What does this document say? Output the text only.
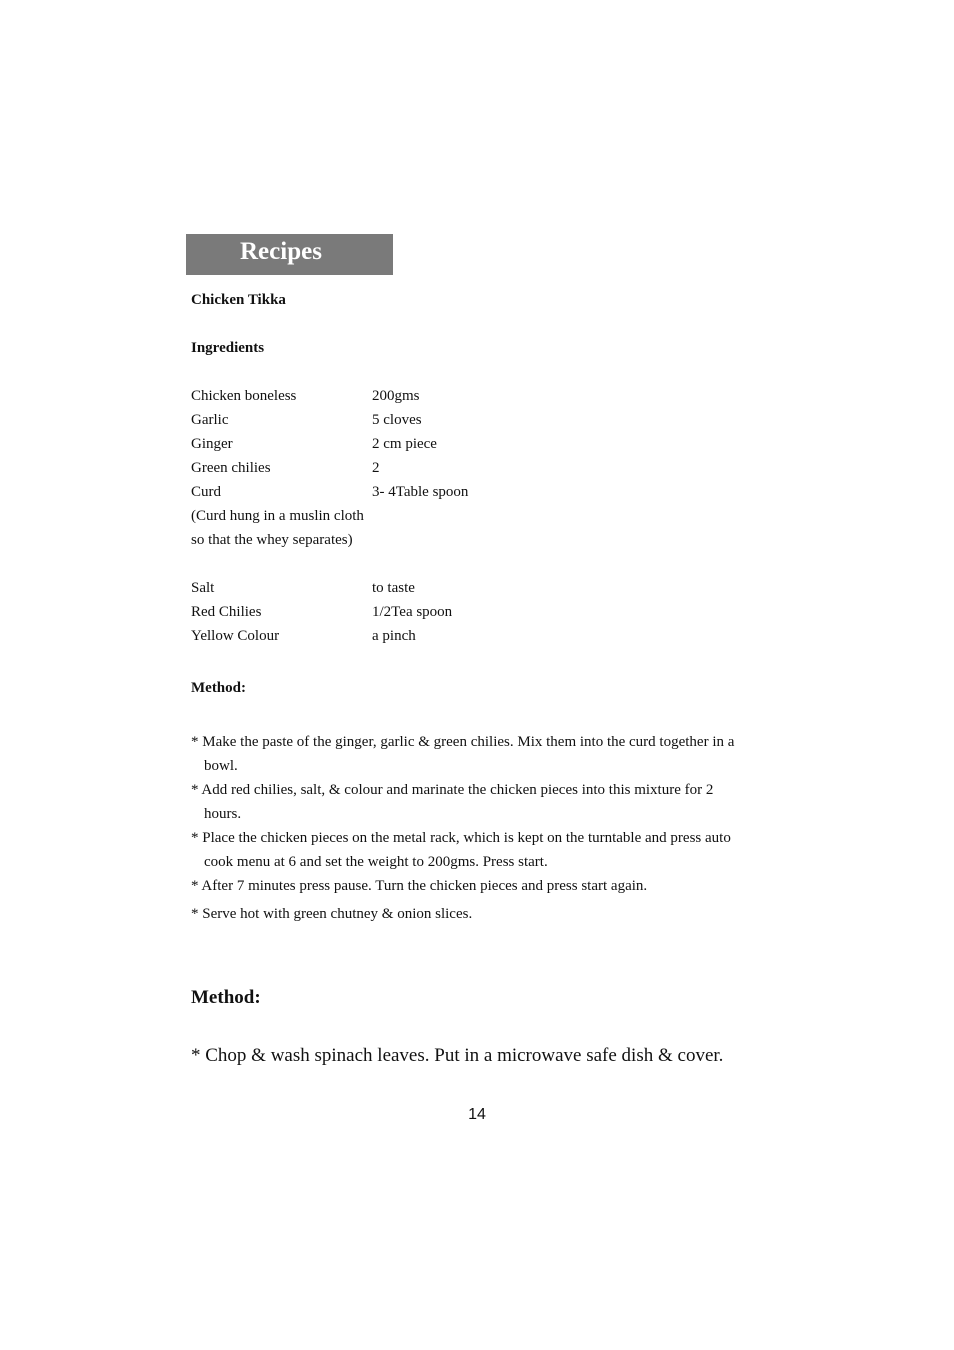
Recipes
Chicken Tikka
Ingredients
Chicken boneless	200gms
Garlic	5 cloves
Ginger	2 cm piece
Green chilies	2
Curd	3- 4Table spoon
(Curd hung in a muslin cloth
so that the whey separates)
Salt	to taste
Red Chilies	1/2Tea spoon
Yellow Colour	a pinch
Method:
* Make the paste of the ginger, garlic & green chilies. Mix them into the curd together in a
bowl.
* Add red chilies, salt, & colour and marinate the chicken pieces into this mixture for 2
hours.
* Place the chicken pieces on the metal rack, which is kept on the turntable and press auto
cook menu at 6 and set the weight to 200gms. Press start.
* After 7 minutes press pause. Turn the chicken pieces and press start again.
* Serve hot with green chutney & onion slices.
Method:
* Chop & wash spinach leaves. Put in a microwave safe dish & cover.
14
